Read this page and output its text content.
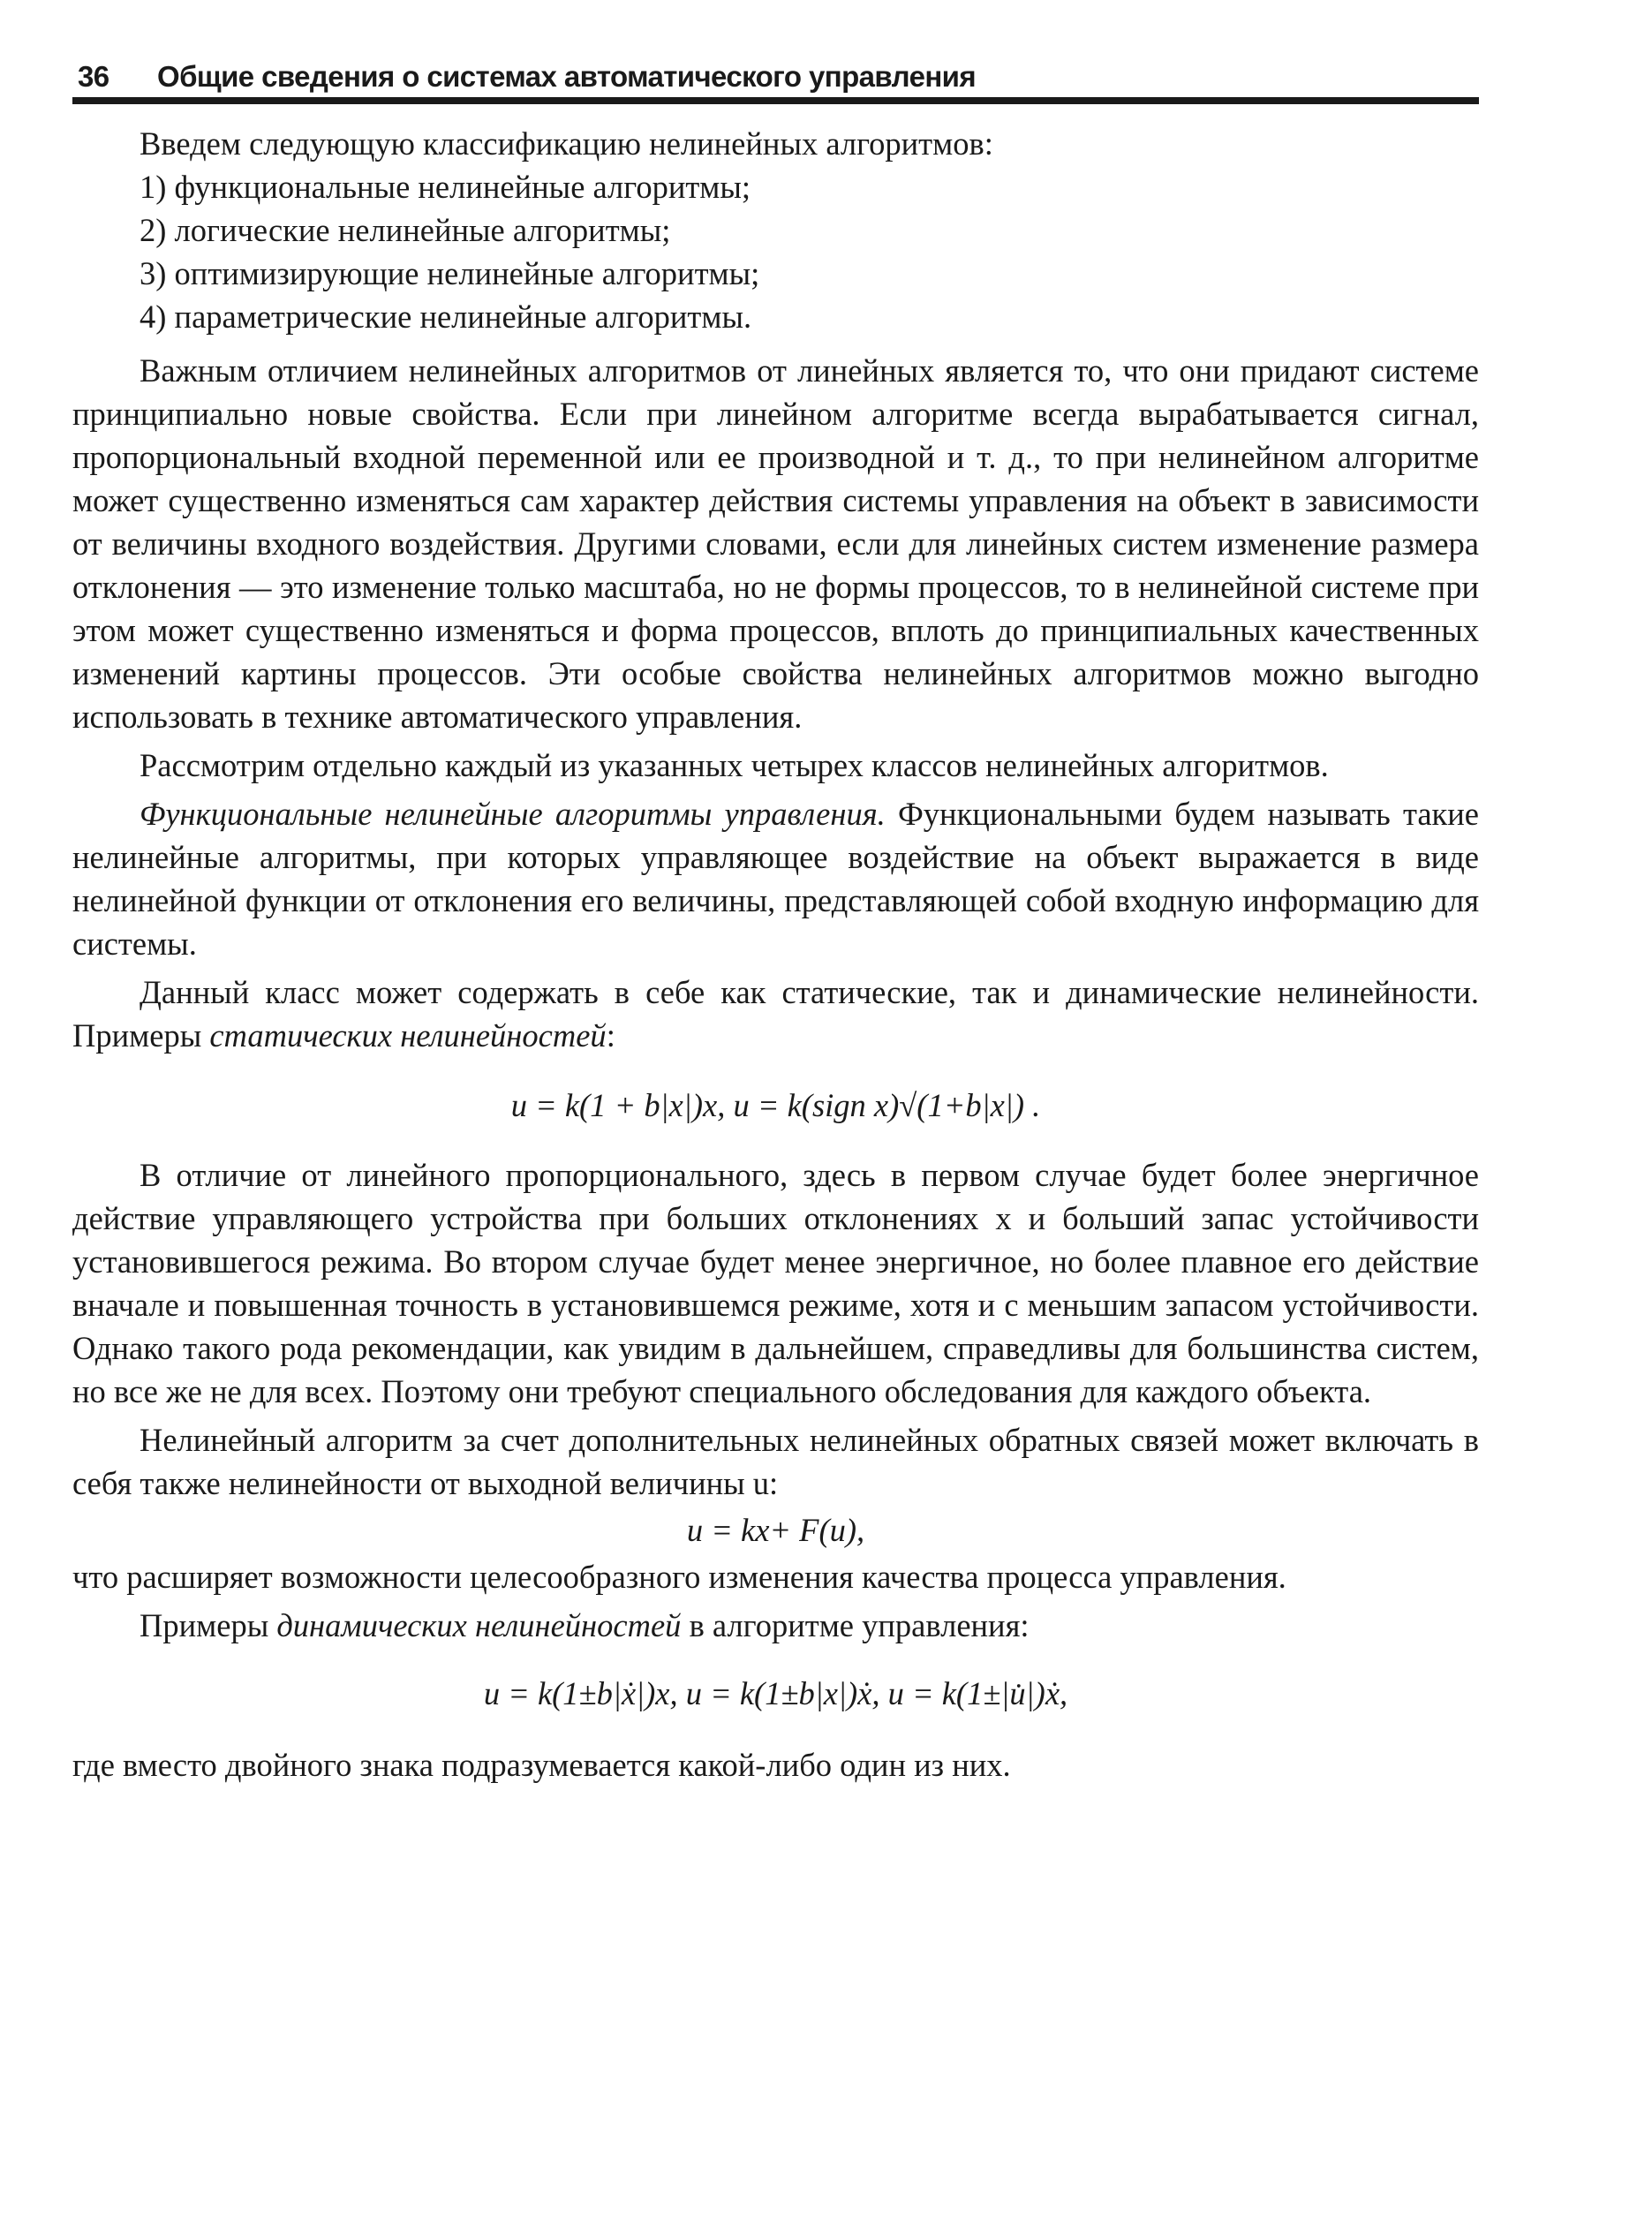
36 Общие сведения о системах автоматического управления

Введем следующую классификацию нелинейных алгоритмов:

1) функциональные нелинейные алгоритмы;

2) логические нелинейные алгоритмы;

3) оптимизирующие нелинейные алгоритмы;

4) параметрические нелинейные алгоритмы.

Важным отличием нелинейных алгоритмов от линейных является то, что они придают системе принципиально новые свойства. Если при линейном алгоритме всегда вырабатывается сигнал, пропорциональный входной переменной или ее производной и т. д., то при нелинейном алгоритме может существенно изменяться сам характер действия системы управления на объект в зависимости от величины входного воздействия. Другими словами, если для линейных систем изменение размера отклонения — это изменение только масштаба, но не формы процессов, то в нелинейной системе при этом может существенно изменяться и форма процессов, вплоть до принципиальных качественных изменений картины процессов. Эти особые свойства нелинейных алгоритмов можно выгодно использовать в технике автоматического управления.

Рассмотрим отдельно каждый из указанных четырех классов нелинейных алгоритмов.

Функциональные нелинейные алгоритмы управления. Функциональными будем называть такие нелинейные алгоритмы, при которых управляющее воздействие на объект выражается в виде нелинейной функции от отклонения его величины, представляющей собой входную информацию для системы.

Данный класс может содержать в себе как статические, так и динамические нелинейности. Примеры статических нелинейностей:

u = k(1 + b|x|)x, u = k(sign x)√(1+b|x|) .

В отличие от линейного пропорционального, здесь в первом случае будет более энергичное действие управляющего устройства при больших отклонениях x и больший запас устойчивости установившегося режима. Во втором случае будет менее энергичное, но более плавное его действие вначале и повышенная точность в установившемся режиме, хотя и с меньшим запасом устойчивости. Однако такого рода рекомендации, как увидим в дальнейшем, справедливы для большинства систем, но все же не для всех. Поэтому они требуют специального обследования для каждого объекта.

Нелинейный алгоритм за счет дополнительных нелинейных обратных связей может включать в себя также нелинейности от выходной величины u:

u = kx+ F(u),

что расширяет возможности целесообразного изменения качества процесса управления.

Примеры динамических нелинейностей в алгоритме управления:

u = k(1±b|ẋ|)x, u = k(1±b|x|)ẋ, u = k(1±|u̇|)ẋ,

где вместо двойного знака подразумевается какой-либо один из них.
